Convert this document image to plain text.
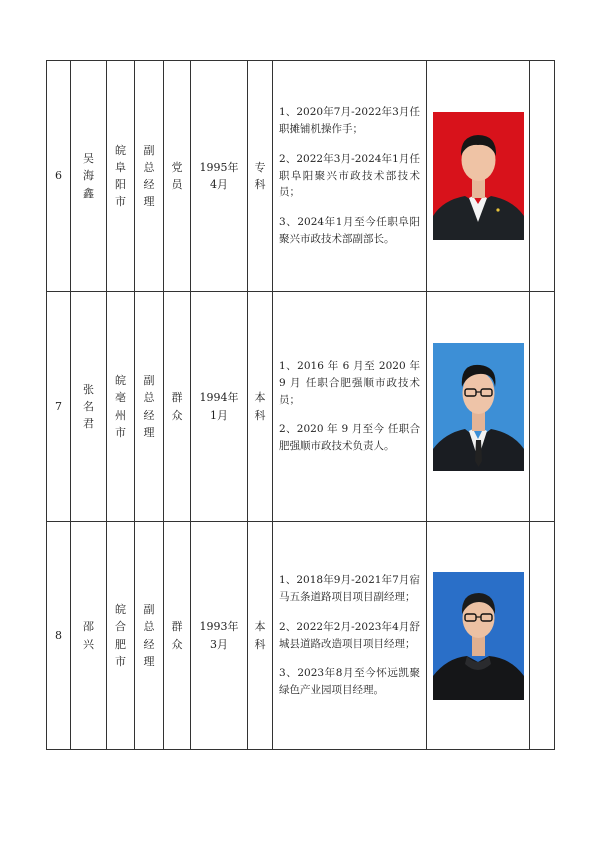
6	吴海鑫	皖阜阳市	副总经理	党员	1995年4月	专科	1、2020年7月-2022年3月任职摊铺机操作手；

2、2022年3月-2024年1月任职阜阳聚兴市政技术部技术员；

3、2024年1月至今任职阜阳聚兴市政技术部副部长。

7	张名君	皖亳州市	副总经理	群众	1994年1月	本科	1、2016 年 6 月至 2020 年 9 月 任职合肥强顺市政技术员；

2、2020 年 9 月至今 任职合肥强顺市政技术负责人。

8	邵兴	皖合肥市	副总经理	群众	1993年3月	本科	1、2018年9月-2021年7月宿马五条道路项目项目副经理；

2、2022年2月-2023年4月舒城县道路改造项目项目经理；

3、2023年8月至今怀远凯聚绿色产业园项目经理。
